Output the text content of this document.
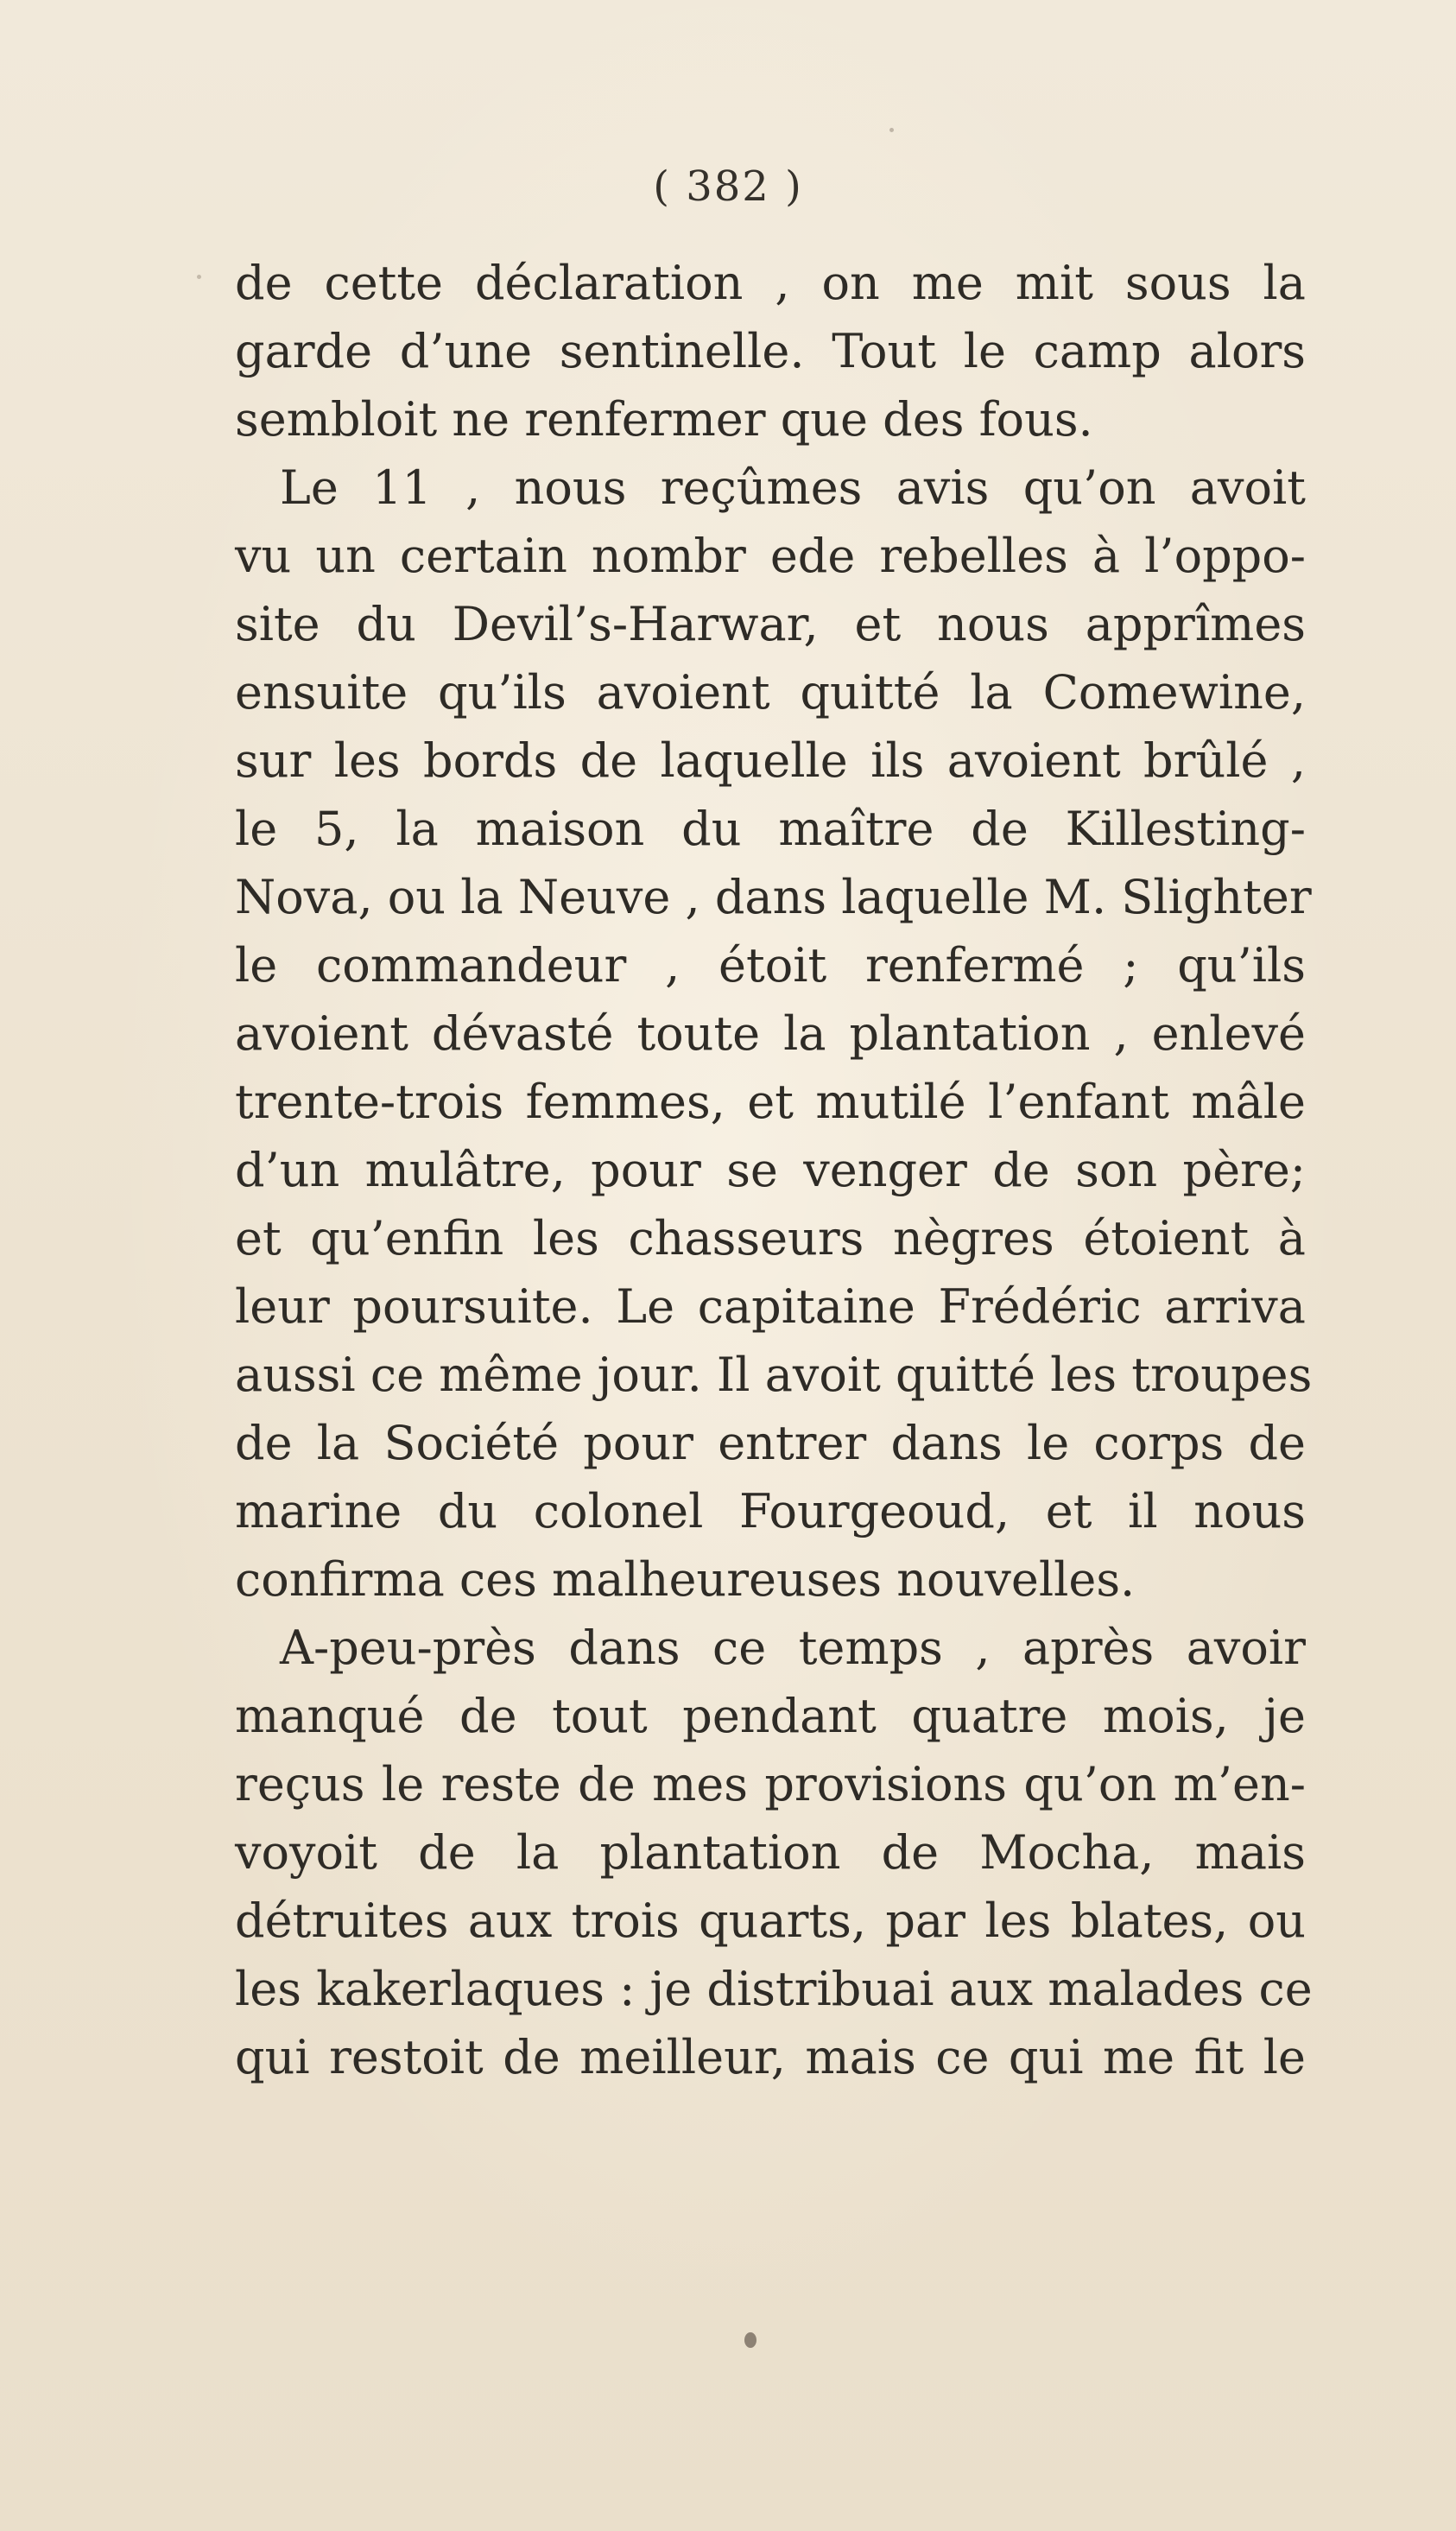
( 382 )
de cette déclaration , on me mit sous la
garde d’une sentinelle. Tout le camp alors
sembloit ne renfermer que des fous.
Le 11 , nous reçûmes avis qu’on avoit
vu un certain nombr ede rebelles à l’oppo-
site du Devil’s-Harwar, et nous apprîmes
ensuite qu’ils avoient quitté la Comewine,
sur les bords de laquelle ils avoient brûlé ,
le 5, la maison du maître de Killesting-
Nova, ou la Neuve , dans laquelle M. Slighter
le commandeur , étoit renfermé ; qu’ils
avoient dévasté toute la plantation , enlevé
trente-trois femmes, et mutilé l’enfant mâle
d’un mulâtre, pour se venger de son père;
et qu’enfin les chasseurs nègres étoient à
leur poursuite. Le capitaine Frédéric arriva
aussi ce même jour. Il avoit quitté les troupes
de la Société pour entrer dans le corps de
marine du colonel Fourgeoud, et il nous
confirma ces malheureuses nouvelles.
A-peu-près dans ce temps , après avoir
manqué de tout pendant quatre mois, je
reçus le reste de mes provisions qu’on m’en-
voyoit de la plantation de Mocha, mais
détruites aux trois quarts, par les blates, ou
les kakerlaques : je distribuai aux malades ce
qui restoit de meilleur, mais ce qui me fit le
